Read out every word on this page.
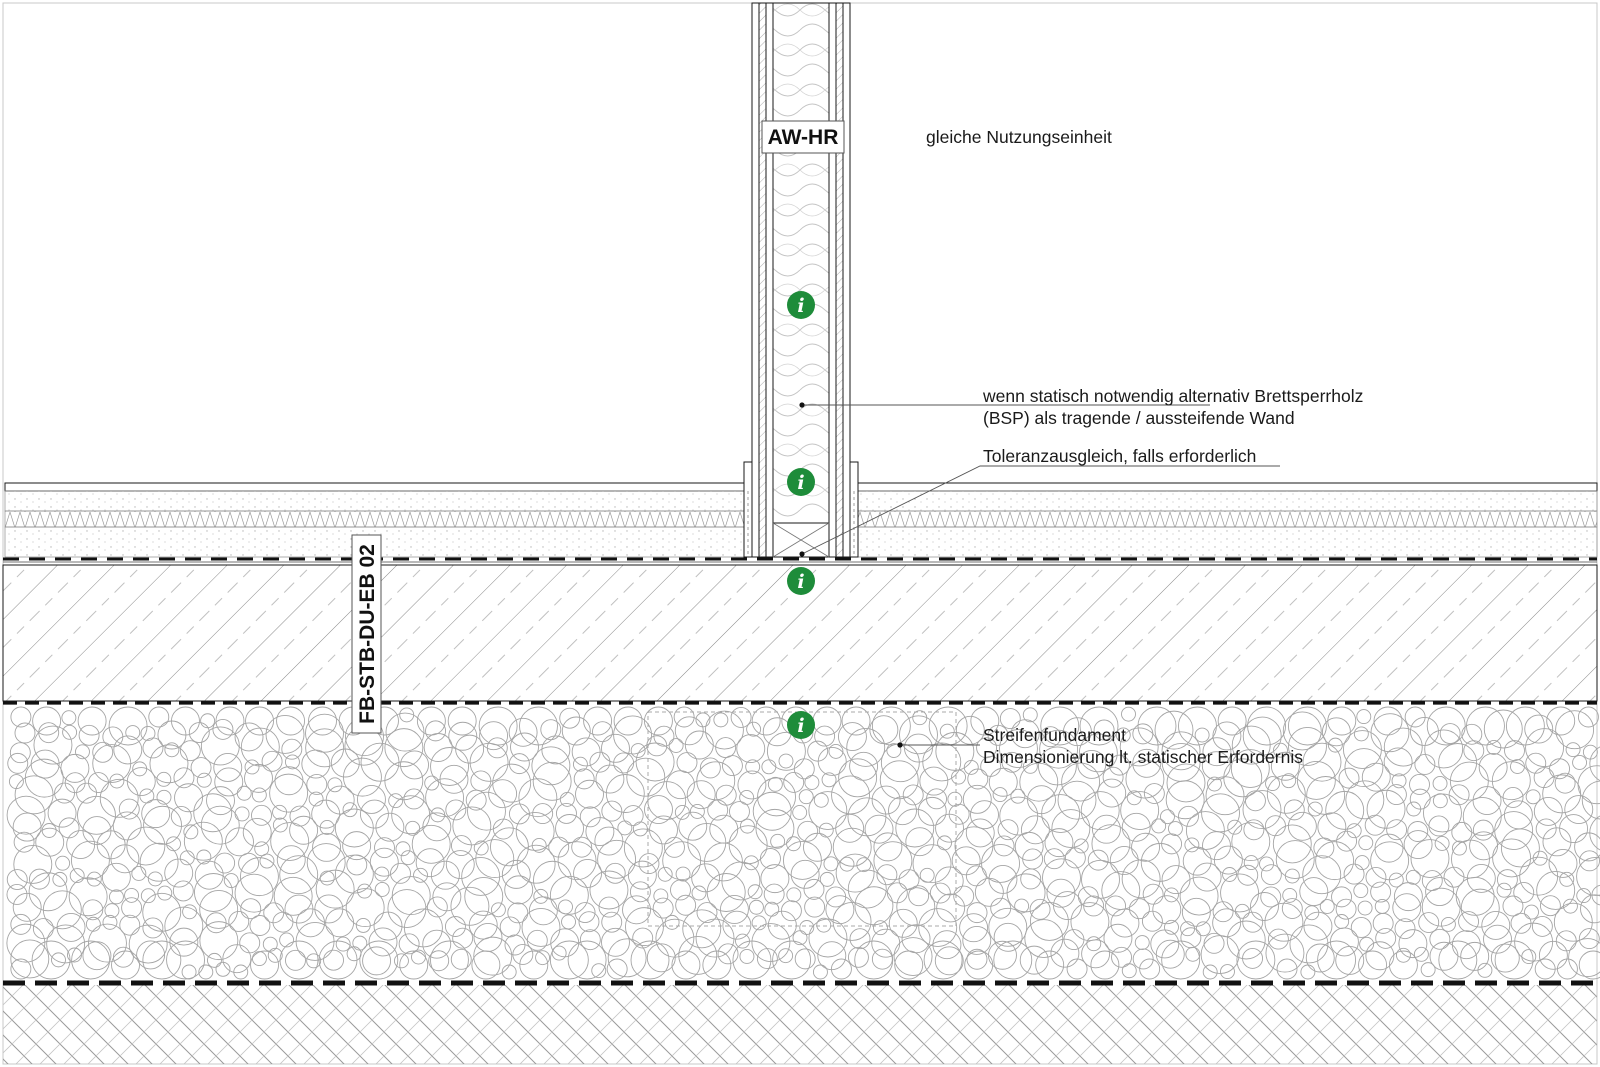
gleiche Nutzungseinheit
wenn statisch notwendig alternativ Brettsperrholz
(BSP) als tragende / aussteifende Wand
Toleranzausgleich, falls erforderlich
Streifenfundament
Dimensionierung lt. statischer Erfordernis
AW-HR
FB-STB-DU-EB 02
i
i
i
i
